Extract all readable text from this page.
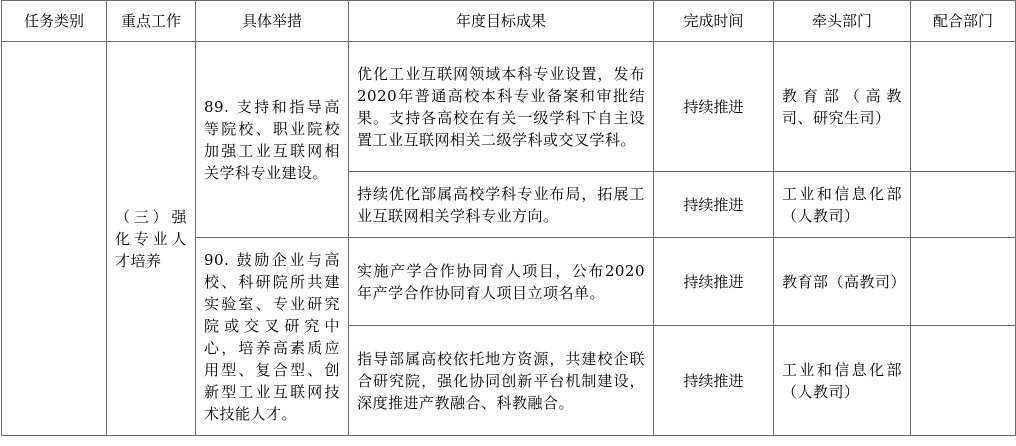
任务类别	重点工作	具体举措	年度目标成果	完成时间	牵头部门	配合部门
	（三）强化专业人才培养	89. 支持和指导高等院校、职业院校加强工业互联网相关学科专业建设。	优化工业互联网领域本科专业设置，发布2020年普通高校本科专业备案和审批结果。支持各高校在有关一级学科下自主设置工业互联网相关二级学科或交叉学科。	持续推进	教育部（高教司、研究生司）	
			持续优化部属高校学科专业布局，拓展工业互联网相关学科专业方向。	持续推进	工业和信息化部（人教司）	
		90. 鼓励企业与高校、科研院所共建实验室、专业研究院或交叉研究中心，培养高素质应用型、复合型、创新型工业互联网技术技能人才。	实施产学合作协同育人项目，公布2020年产学合作协同育人项目立项名单。	持续推进	教育部（高教司）	
			指导部属高校依托地方资源，共建校企联合研究院，强化协同创新平台机制建设，深度推进产教融合、科教融合。	持续推进	工业和信息化部（人教司）	
